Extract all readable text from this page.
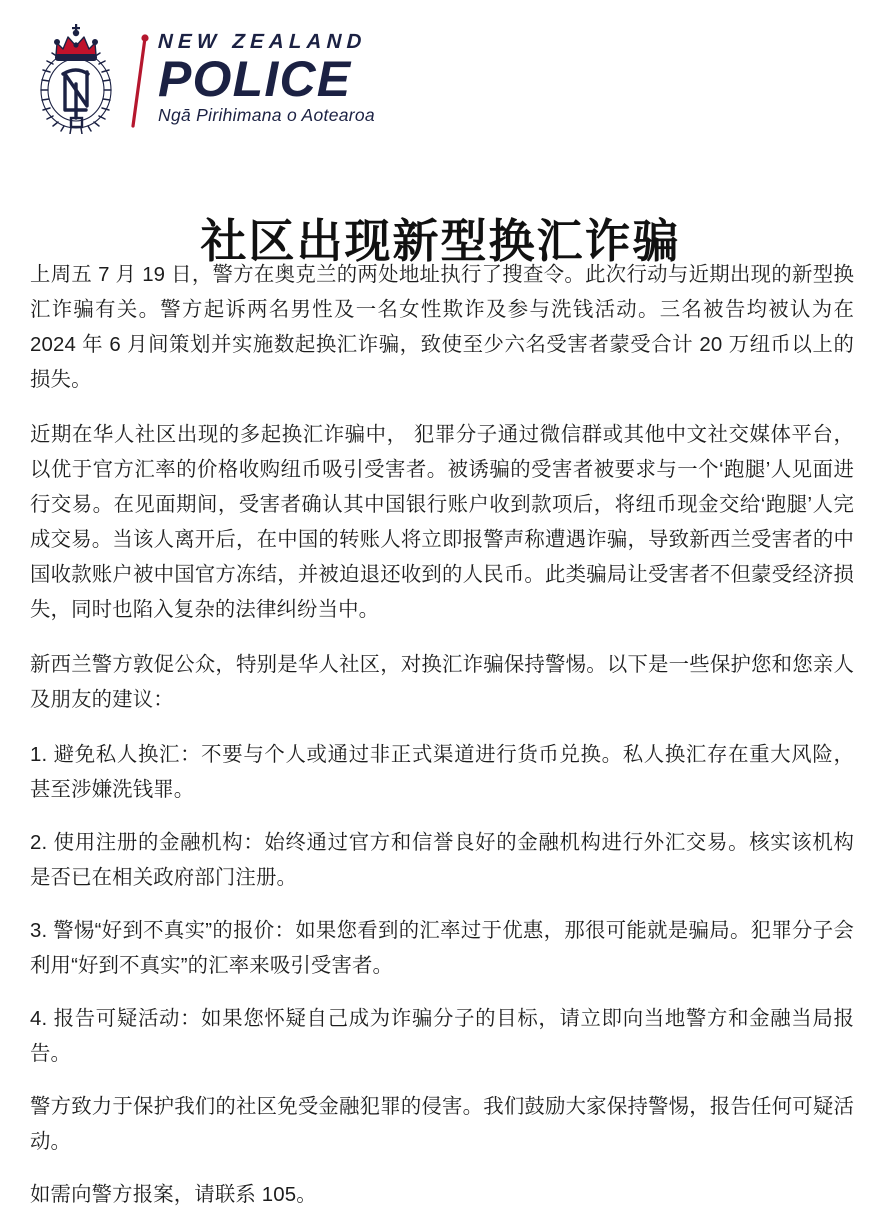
NEW ZEALAND
POLICE
Ngā Pirihimana o Aotearoa
社区出现新型换汇诈骗

上周五 7 月 19 日，警方在奥克兰的两处地址执行了搜查令。此次行动与近期出现的新型换汇诈骗有关。警方起诉两名男性及一名女性欺诈及参与洗钱活动。三名被告均被认为在 2024 年 6 月间策划并实施数起换汇诈骗，致使至少六名受害者蒙受合计 20 万纽币以上的损失。

近期在华人社区出现的多起换汇诈骗中， 犯罪分子通过微信群或其他中文社交媒体平台，以优于官方汇率的价格收购纽币吸引受害者。被诱骗的受害者被要求与一个‘跑腿’人见面进行交易。在见面期间，受害者确认其中国银行账户收到款项后，将纽币现金交给‘跑腿’人完成交易。当该人离开后，在中国的转账人将立即报警声称遭遇诈骗，导致新西兰受害者的中国收款账户被中国官方冻结，并被迫退还收到的人民币。此类骗局让受害者不但蒙受经济损失，同时也陷入复杂的法律纠纷当中。

新西兰警方敦促公众，特别是华人社区，对换汇诈骗保持警惕。以下是一些保护您和您亲人及朋友的建议：

1. 避免私人换汇：不要与个人或通过非正式渠道进行货币兑换。私人换汇存在重大风险，甚至涉嫌洗钱罪。

2. 使用注册的金融机构：始终通过官方和信誉良好的金融机构进行外汇交易。核实该机构是否已在相关政府部门注册。

3. 警惕“好到不真实”的报价：如果您看到的汇率过于优惠，那很可能就是骗局。犯罪分子会利用“好到不真实”的汇率来吸引受害者。

4. 报告可疑活动：如果您怀疑自己成为诈骗分子的目标，请立即向当地警方和金融当局报告。

警方致力于保护我们的社区免受金融犯罪的侵害。我们鼓励大家保持警惕，报告任何可疑活动。

如需向警方报案，请联系 105。
